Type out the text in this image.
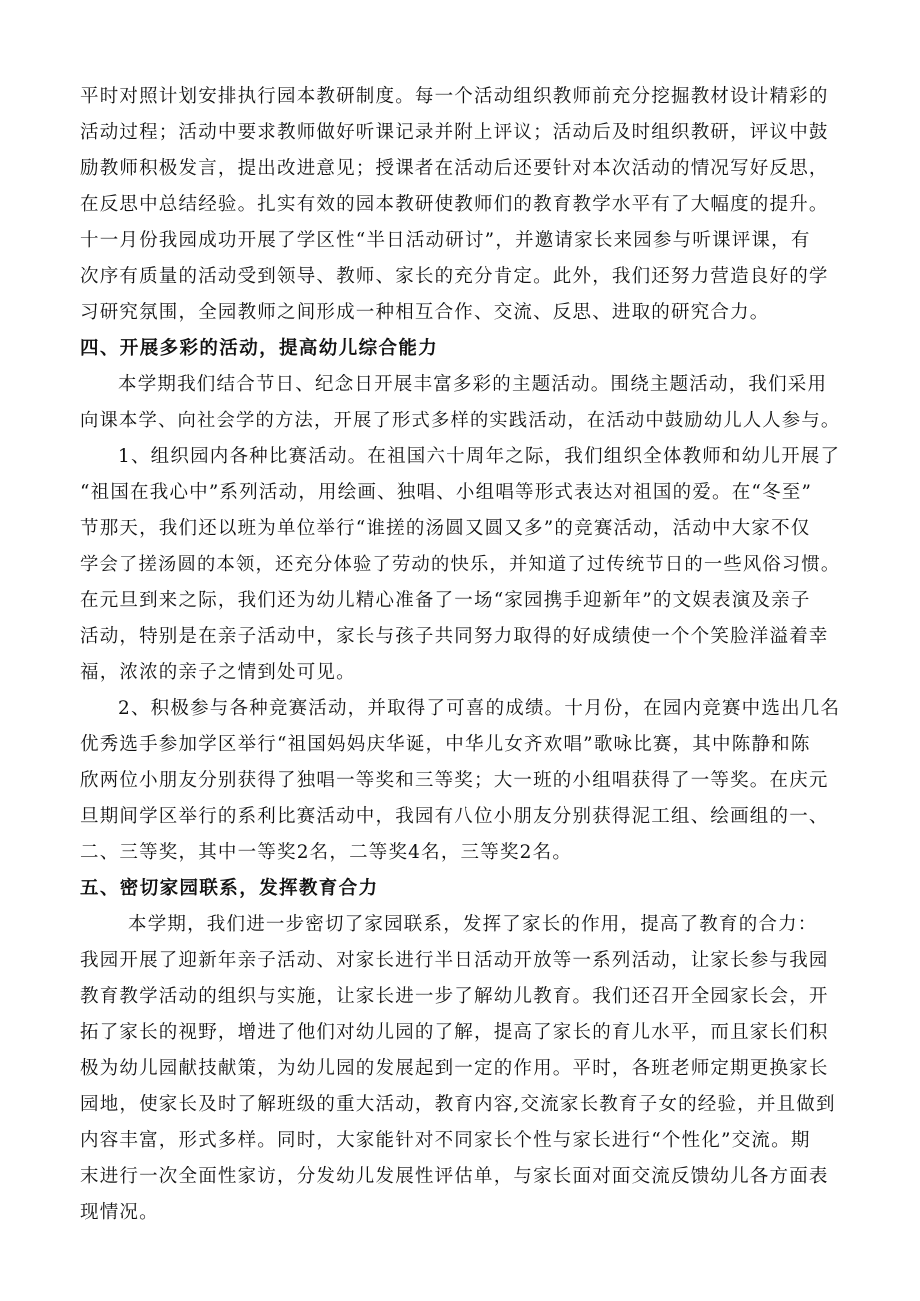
平时对照计划安排执行园本教研制度。每一个活动组织教师前充分挖掘教材设计精彩的
活动过程；活动中要求教师做好听课记录并附上评议；活动后及时组织教研，评议中鼓
励教师积极发言，提出改进意见；授课者在活动后还要针对本次活动的情况写好反思，
在反思中总结经验。扎实有效的园本教研使教师们的教育教学水平有了大幅度的提升。
十一月份我园成功开展了学区性“半日活动研讨”，并邀请家长来园参与听课评课，有
次序有质量的活动受到领导、教师、家长的充分肯定。此外，我们还努力营造良好的学
习研究氛围，全园教师之间形成一种相互合作、交流、反思、进取的研究合力。
四、开展多彩的活动，提高幼儿综合能力
本学期我们结合节日、纪念日开展丰富多彩的主题活动。围绕主题活动，我们采用
向课本学、向社会学的方法，开展了形式多样的实践活动，在活动中鼓励幼儿人人参与。
1、组织园内各种比赛活动。在祖国六十周年之际，我们组织全体教师和幼儿开展了
“祖国在我心中”系列活动，用绘画、独唱、小组唱等形式表达对祖国的爱。在“冬至”
节那天，我们还以班为单位举行“谁搓的汤圆又圆又多”的竞赛活动，活动中大家不仅
学会了搓汤圆的本领，还充分体验了劳动的快乐，并知道了过传统节日的一些风俗习惯。
在元旦到来之际，我们还为幼儿精心准备了一场“家园携手迎新年”的文娱表演及亲子
活动，特别是在亲子活动中，家长与孩子共同努力取得的好成绩使一个个笑脸洋溢着幸
福，浓浓的亲子之情到处可见。
2、积极参与各种竞赛活动，并取得了可喜的成绩。十月份，在园内竞赛中选出几名
优秀选手参加学区举行“祖国妈妈庆华诞，中华儿女齐欢唱”歌咏比赛，其中陈静和陈
欣两位小朋友分别获得了独唱一等奖和三等奖；大一班的小组唱获得了一等奖。在庆元
旦期间学区举行的系利比赛活动中，我园有八位小朋友分别获得泥工组、绘画组的一、
二、三等奖，其中一等奖2名，二等奖4名，三等奖2名。
五、密切家园联系，发挥教育合力
本学期，我们进一步密切了家园联系，发挥了家长的作用，提高了教育的合力：
我园开展了迎新年亲子活动、对家长进行半日活动开放等一系列活动，让家长参与我园
教育教学活动的组织与实施，让家长进一步了解幼儿教育。我们还召开全园家长会，开
拓了家长的视野，增进了他们对幼儿园的了解，提高了家长的育儿水平，而且家长们积
极为幼儿园献技献策，为幼儿园的发展起到一定的作用。平时，各班老师定期更换家长
园地，使家长及时了解班级的重大活动，教育内容,交流家长教育子女的经验，并且做到
内容丰富，形式多样。同时，大家能针对不同家长个性与家长进行“个性化”交流。期
末进行一次全面性家访，分发幼儿发展性评估单，与家长面对面交流反馈幼儿各方面表
现情况。
